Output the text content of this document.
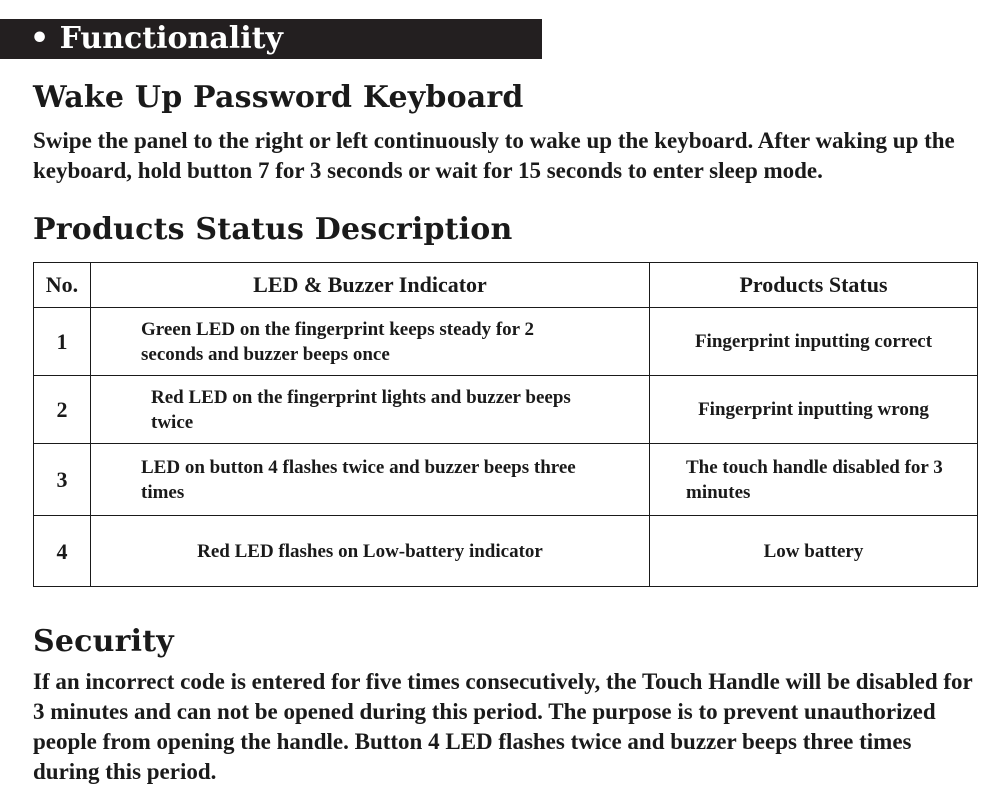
• Functionality
Wake Up Password Keyboard
Swipe the panel to the right or left continuously to wake up the keyboard. After waking up the keyboard, hold button 7 for 3 seconds or wait for 15 seconds to enter sleep mode.
Products Status Description
No.	LED & Buzzer Indicator	Products Status
1	Green LED on the fingerprint keeps steady for 2 seconds and buzzer beeps once	Fingerprint inputting correct
2	Red LED on the fingerprint lights and buzzer beeps twice	Fingerprint inputting wrong
3	LED on button 4 flashes twice and buzzer beeps three times	The touch handle disabled for 3 minutes
4	Red LED flashes on Low-battery indicator	Low battery
Security
If an incorrect code is entered for five times consecutively, the Touch Handle will be disabled for 3 minutes and can not be opened during this period. The purpose is to prevent unauthorized people from opening the handle. Button 4 LED flashes twice and buzzer beeps three times during this period.
